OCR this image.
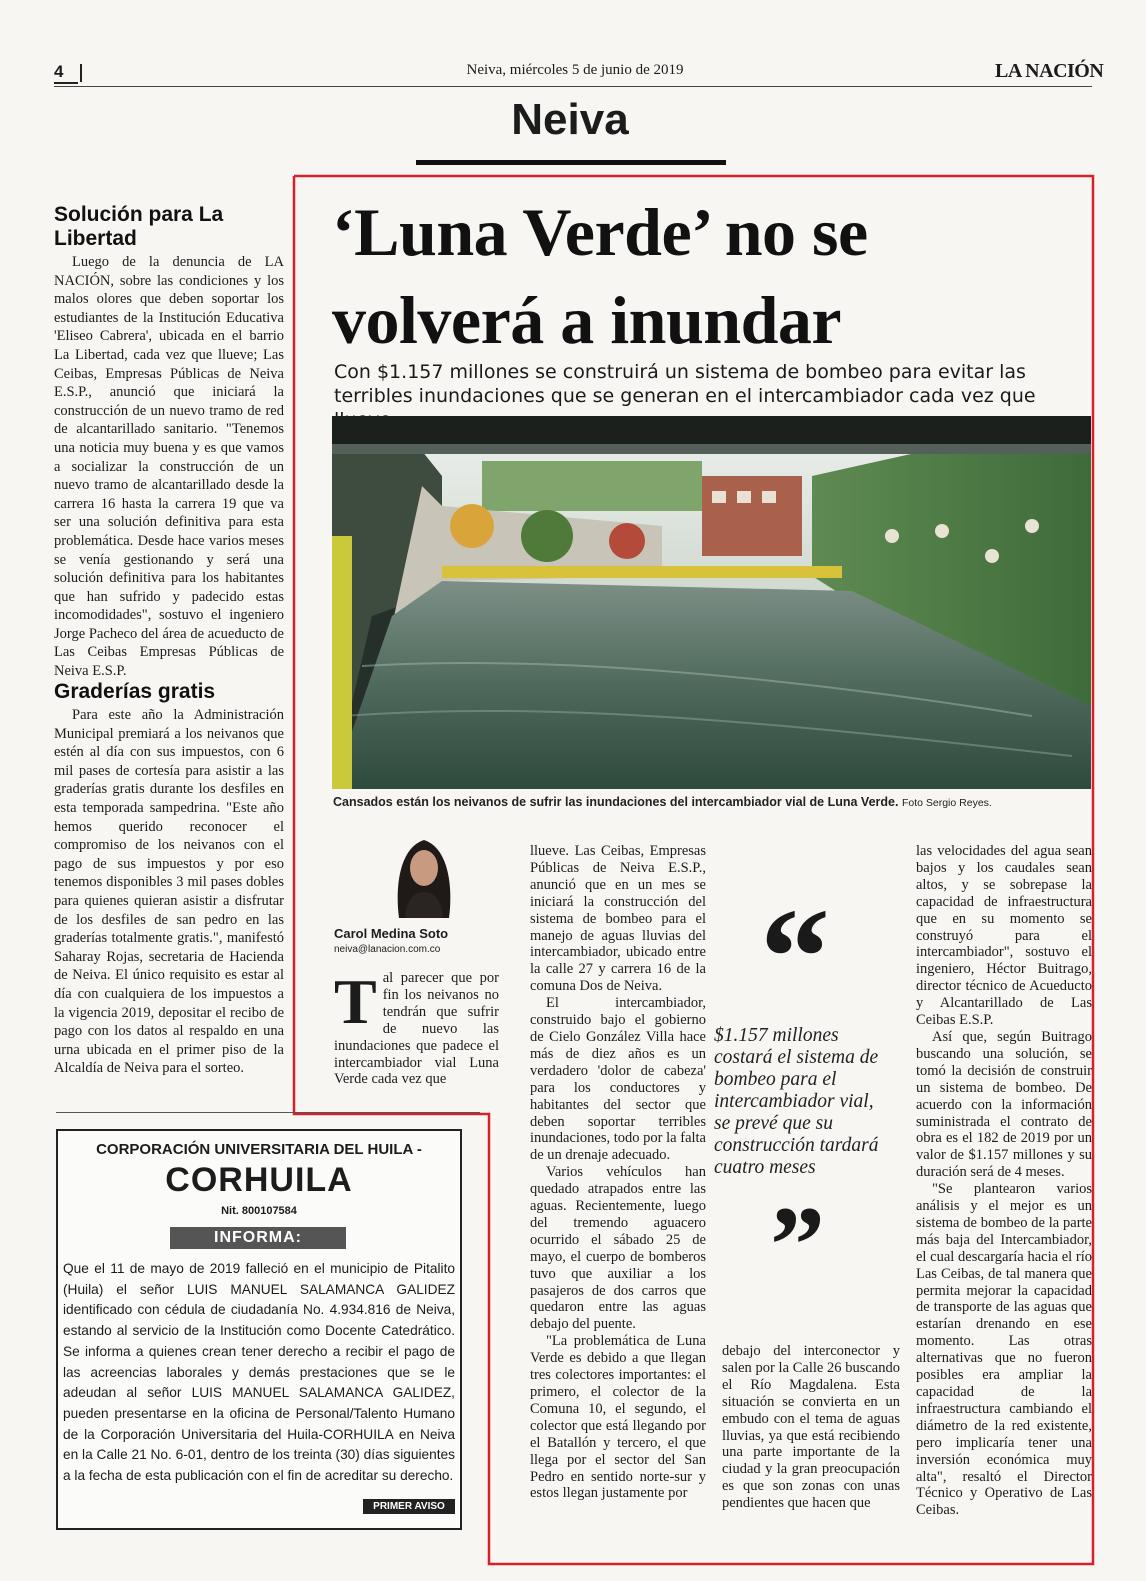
4	Neiva, miércoles 5 de junio de 2019	LA NACIÓN
Neiva
Solución para La Libertad
Luego de la denuncia de LA NACIÓN, sobre las condiciones y los malos olores que deben soportar los estudiantes de la Institución Educativa 'Eliseo Cabrera', ubicada en el barrio La Libertad, cada vez que llueve; Las Ceibas, Empresas Públicas de Neiva E.S.P., anunció que iniciará la construcción de un nuevo tramo de red de alcantarillado sanitario. "Tenemos una noticia muy buena y es que vamos a socializar la construcción de un nuevo tramo de alcantarillado desde la carrera 16 hasta la carrera 19 que va ser una solución definitiva para esta problemática. Desde hace varios meses se venía gestionando y será una solución definitiva para los habitantes que han sufrido y padecido estas incomodidades", sostuvo el ingeniero Jorge Pacheco del área de acueducto de Las Ceibas Empresas Públicas de Neiva E.S.P.
Graderías gratis
Para este año la Administración Municipal premiará a los neivanos que estén al día con sus impuestos, con 6 mil pases de cortesía para asistir a las graderías gratis durante los desfiles en esta temporada sampedrina. "Este año hemos querido reconocer el compromiso de los neivanos con el pago de sus impuestos y por eso tenemos disponibles 3 mil pases dobles para quienes quieran asistir a disfrutar de los desfiles de san pedro en las graderías totalmente gratis.", manifestó Saharay Rojas, secretaria de Hacienda de Neiva. El único requisito es estar al día con cualquiera de los impuestos a la vigencia 2019, depositar el recibo de pago con los datos al respaldo en una urna ubicada en el primer piso de la Alcaldía de Neiva para el sorteo.
‘Luna Verde’ no se volverá a inundar
Con $1.157 millones se construirá un sistema de bombeo para evitar las terribles inundaciones que se generan en el intercambiador cada vez que
Cansados están los neivanos de sufrir las inundaciones del intercambiador vial de Luna Verde. Foto Sergio Reyes.
Carol Medina Soto
neiva@lanacion.com.co
Tal parecer que por fin los neivanos no tendrán que sufrir de nuevo las inundaciones que padece el intercambiador vial Luna Verde cada vez que

llueve. Las Ceibas, Empresas Públicas de Neiva E.S.P., anunció que en un mes se iniciará la construcción del sistema de bombeo para el manejo de aguas lluvias del intercambiador, ubicado entre la calle 27 y carrera 16 de la comuna Dos de Neiva.

El intercambiador, construido bajo el gobierno de Cielo González Villa hace más de diez años es un verdadero 'dolor de cabeza' para los conductores y habitantes del sector que deben soportar terribles inundaciones, todo por la falta de un drenaje adecuado.

Varios vehículos han quedado atrapados entre las aguas. Recientemente, luego del tremendo aguacero ocurrido el sábado 25 de mayo, el cuerpo de bomberos tuvo que auxiliar a los pasajeros de dos carros que quedaron entre las aguas debajo del puente.

"La problemática de Luna Verde es debido a que llegan tres colectores importantes: el primero, el colector de la Comuna 10, el segundo, el colector que está llegando por el Batallón y tercero, el que llega por el sector del San Pedro en sentido norte-sur y estos llegan justamente por

“
$1.157 millones costará el sistema de bombeo para el intercambiador vial, se prevé que su construcción tardará cuatro meses
”

debajo del interconector y salen por la Calle 26 buscando el Río Magdalena. Esta situación se convierta en un embudo con el tema de aguas lluvias, ya que está recibiendo una parte importante de la ciudad y la gran preocupación es que son zonas con unas pendientes que hacen que

las velocidades del agua sean bajos y los caudales sean altos, y se sobrepase la capacidad de infraestructura que en su momento se construyó para el intercambiador", sostuvo el ingeniero, Héctor Buitrago, director técnico de Acueducto y Alcantarillado de Las Ceibas E.S.P.

Así que, según Buitrago buscando una solución, se tomó la decisión de construir un sistema de bombeo. De acuerdo con la información suministrada el contrato de obra es el 182 de 2019 por un valor de $1.157 millones y su duración será de 4 meses.

"Se plantearon varios análisis y el mejor es un sistema de bombeo de la parte más baja del Intercambiador, el cual descargaría hacia el río Las Ceibas, de tal manera que permita mejorar la capacidad de transporte de las aguas que estarían drenando en ese momento. Las otras alternativas que no fueron posibles era ampliar la capacidad de la infraestructura cambiando el diámetro de la red existente, pero implicaría tener una inversión económica muy alta", resaltó el Director Técnico y Operativo de Las Ceibas.

CORPORACIÓN UNIVERSITARIA DEL HUILA -
CORHUILA
Nit. 800107584
INFORMA:
Que el 11 de mayo de 2019 falleció en el municipio de Pitalito (Huila) el señor LUIS MANUEL SALAMANCA GALIDEZ identificado con cédula de ciudadanía No. 4.934.816 de Neiva, estando al servicio de la Institución como Docente Catedrático. Se informa a quienes crean tener derecho a recibir el pago de las acreencias laborales y demás prestaciones que se le adeudan al señor LUIS MANUEL SALAMANCA GALIDEZ, pueden presentarse en la oficina de Personal/Talento Humano de la Corporación Universitaria del Huila-CORHUILA en Neiva en la Calle 21 No. 6-01, dentro de los treinta (30) días siguientes a la fecha de esta publicación con el fin de acreditar su derecho.
PRIMER AVISO
